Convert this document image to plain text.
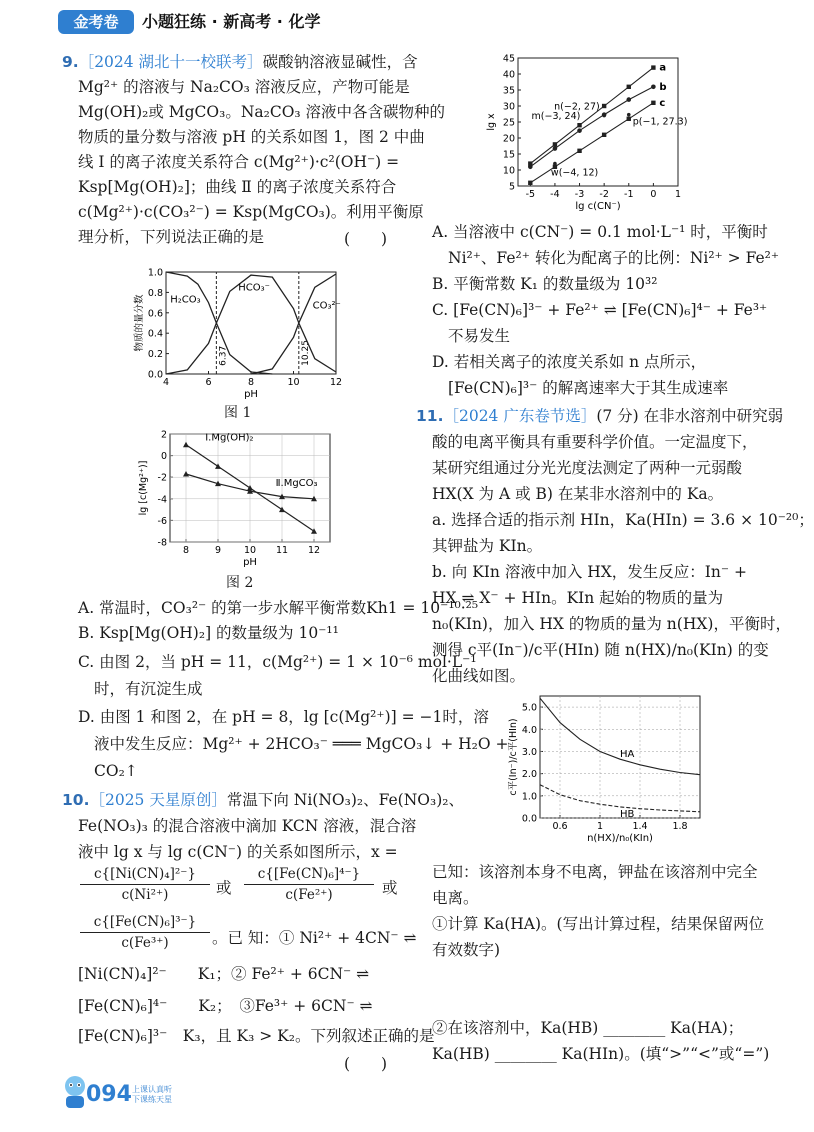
金考卷	小题狂练 · 新高考 · 化学
9.［2024 湖北十一校联考］碳酸钠溶液显碱性，含
Mg²⁺ 的溶液与 Na₂CO₃ 溶液反应，产物可能是
Mg(OH)₂或 MgCO₃。Na₂CO₃ 溶液中各含碳物种的
物质的量分数与溶液 pH 的关系如图 1，图 2 中曲
线 Ⅰ 的离子浓度关系符合 c(Mg²⁺)·c²(OH⁻) =
Ksp[Mg(OH)₂]；曲线 Ⅱ 的离子浓度关系符合
c(Mg²⁺)·c(CO₃²⁻) = Ksp(MgCO₃)。利用平衡原
理分析，下列说法正确的是	(　　)
4	6	8	10	12
0.0
0.2
0.4
0.6
0.8
1.0
pH
物质的量分数
6.37	10.25
H₂CO₃
HCO₃⁻
CO₃²⁻
图 1
8	9 10 11 12
2
0
-2
-4
-6
-8
pH
lg [c(Mg²⁺)]
Ⅰ.Mg(OH)₂
Ⅱ.MgCO₃
图 2
A. 常温时，CO₃²⁻ 的第一步水解平衡常数Kh1 = 10⁻¹⁰·²⁵
B. Ksp[Mg(OH)₂] 的数量级为 10⁻¹¹
C. 由图 2，当 pH = 11，c(Mg²⁺) = 1 × 10⁻⁶ mol·L⁻¹
时，有沉淀生成
D. 由图 1 和图 2，在 pH = 8，lg [c(Mg²⁺)] = −1时，溶
液中发生反应：Mg²⁺ + 2HCO₃⁻ ═══ MgCO₃↓ + H₂O +
CO₂↑
10.［2025 天星原创］常温下向 Ni(NO₃)₂、Fe(NO₃)₂、
Fe(NO₃)₃ 的混合溶液中滴加 KCN 溶液，混合溶
液中 lg x 与 lg c(CN⁻) 的关系如图所示，x =
$\frac{\text{c\{[Ni(CN)₄]²⁻\}}}{\text{c(Ni²⁺)}}$ 或 $\frac{\text{c\{[Fe(CN)₆]⁴⁻\}}}{\text{c(Fe²⁺)}}$ 或
$\frac{\text{c\{[Fe(CN)₆]³⁻\}}}{\text{c(Fe³⁺)}}$ 。已 知：① Ni²⁺ + 4CN⁻ ⇌
[Ni(CN)₄]²⁻　　K₁；② Fe²⁺ + 6CN⁻ ⇌
[Fe(CN)₆]⁴⁻　　K₂；　③Fe³⁺ + 6CN⁻ ⇌
[Fe(CN)₆]³⁻　K₃，且 K₃ > K₂。下列叙述正确的是
(　　)
-5 -4 -3 -2 -1 0 1
5
10
15
20
25
30
35
40
45
lg c(CN⁻)
lg x
a
b
c
n(−2, 27)
m(−3, 24)	p(−1, 27.3)
w(−4, 12)
A. 当溶液中 c(CN⁻) = 0.1 mol·L⁻¹ 时，平衡时
Ni²⁺、Fe²⁺ 转化为配离子的比例：Ni²⁺ > Fe²⁺
B. 平衡常数 K₁ 的数量级为 10³²
C. [Fe(CN)₆]³⁻ + Fe²⁺ ⇌ [Fe(CN)₆]⁴⁻ + Fe³⁺
不易发生
D. 若相关离子的浓度关系如 n 点所示，
[Fe(CN)₆]³⁻ 的解离速率大于其生成速率
11.［2024 广东卷节选］(7 分) 在非水溶剂中研究弱
酸的电离平衡具有重要科学价值。一定温度下，
某研究组通过分光光度法测定了两种一元弱酸
HX(X 为 A 或 B) 在某非水溶剂中的 Ka。
a. 选择合适的指示剂 HIn，Ka(HIn) = 3.6 × 10⁻²⁰；
其钾盐为 KIn。
b. 向 KIn 溶液中加入 HX，发生反应：In⁻ +
HX ⇌ X⁻ + HIn。KIn 起始的物质的量为
n₀(KIn)，加入 HX 的物质的量为 n(HX)，平衡时，
测得 c平(In⁻)/c平(HIn) 随 n(HX)/n₀(KIn) 的变
化曲线如图。
0.6	1	1.4	1.8
0.0
1.0
2.0
3.0
4.0
5.0
n(HX)/n₀(KIn)
c平(In⁻)/c平(HIn)	HA
HB
已知：该溶剂本身不电离，钾盐在该溶剂中完全
电离。
①计算 Ka(HA)。(写出计算过程，结果保留两位
有效数字)
②在该溶剂中，Ka(HB) ________ Ka(HA)；
Ka(HB) ________ Ka(HIn)。(填“>”“<”或“=”)
094 上课认真听
下课练天星
